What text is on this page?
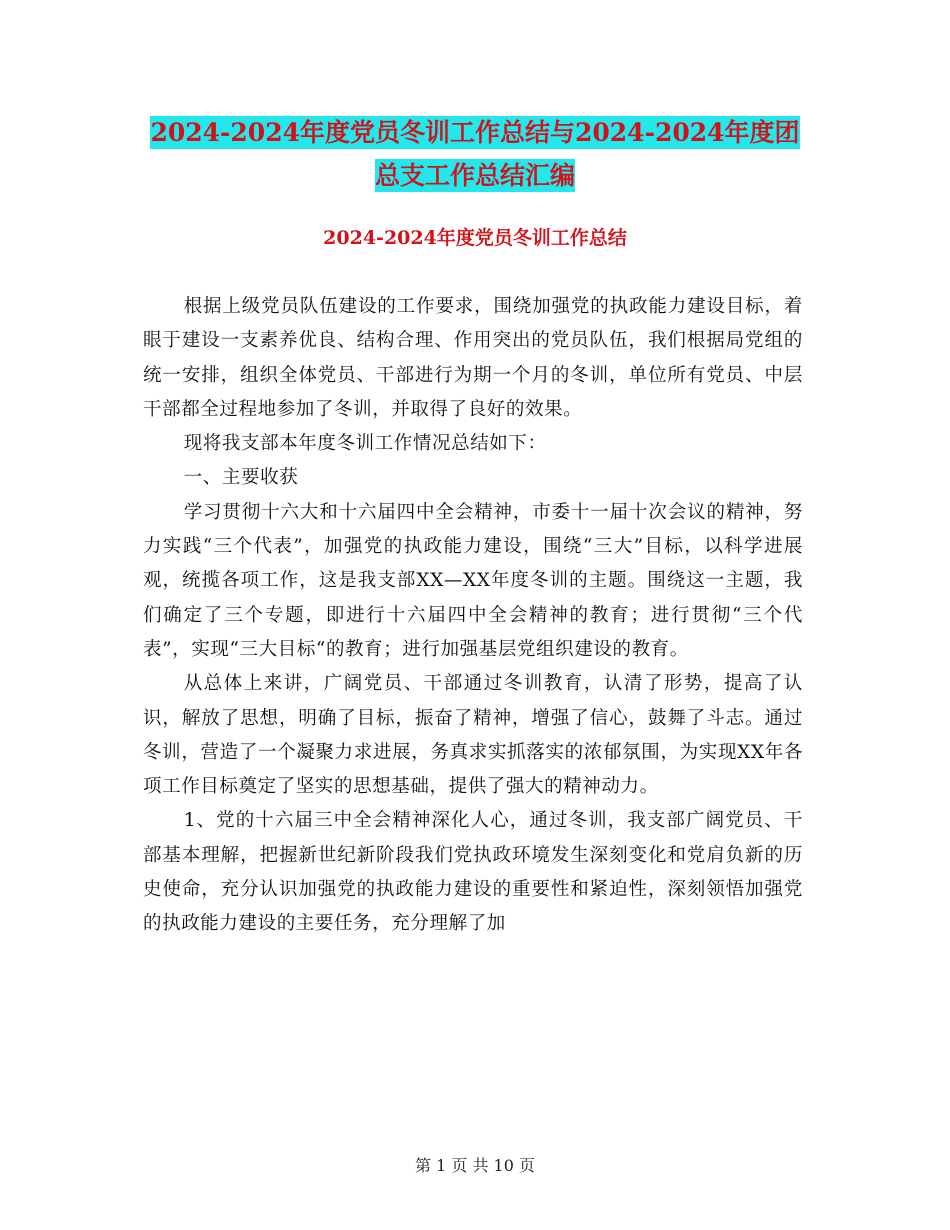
2024-2024年度党员冬训工作总结与2024-2024年度团
总支工作总结汇编
2024-2024年度党员冬训工作总结

根据上级党员队伍建设的工作要求，围绕加强党的执政能力建设目标，着眼于建设一支素养优良、结构合理、作用突出的党员队伍，我们根据局党组的统一安排，组织全体党员、干部进行为期一个月的冬训，单位所有党员、中层干部都全过程地参加了冬训，并取得了良好的效果。

现将我支部本年度冬训工作情况总结如下：

一、主要收获

学习贯彻十六大和十六届四中全会精神，市委十一届十次会议的精神，努力实践“三个代表”，加强党的执政能力建设，围绕“三大”目标，以科学进展观，统揽各项工作，这是我支部XX—XX年度冬训的主题。围绕这一主题，我们确定了三个专题，即进行十六届四中全会精神的教育；进行贯彻“三个代表”，实现“三大目标“的教育；进行加强基层党组织建设的教育。

从总体上来讲，广阔党员、干部通过冬训教育，认清了形势，提高了认识，解放了思想，明确了目标，振奋了精神，增强了信心，鼓舞了斗志。通过冬训，营造了一个凝聚力求进展，务真求实抓落实的浓郁氛围，为实现XX年各项工作目标奠定了坚实的思想基础，提供了强大的精神动力。

1、党的十六届三中全会精神深化人心，通过冬训，我支部广阔党员、干部基本理解，把握新世纪新阶段我们党执政环境发生深刻变化和党肩负新的历史使命，充分认识加强党的执政能力建设的重要性和紧迫性，深刻领悟加强党的执政能力建设的主要任务，充分理解了加

第 1 页 共 10 页
